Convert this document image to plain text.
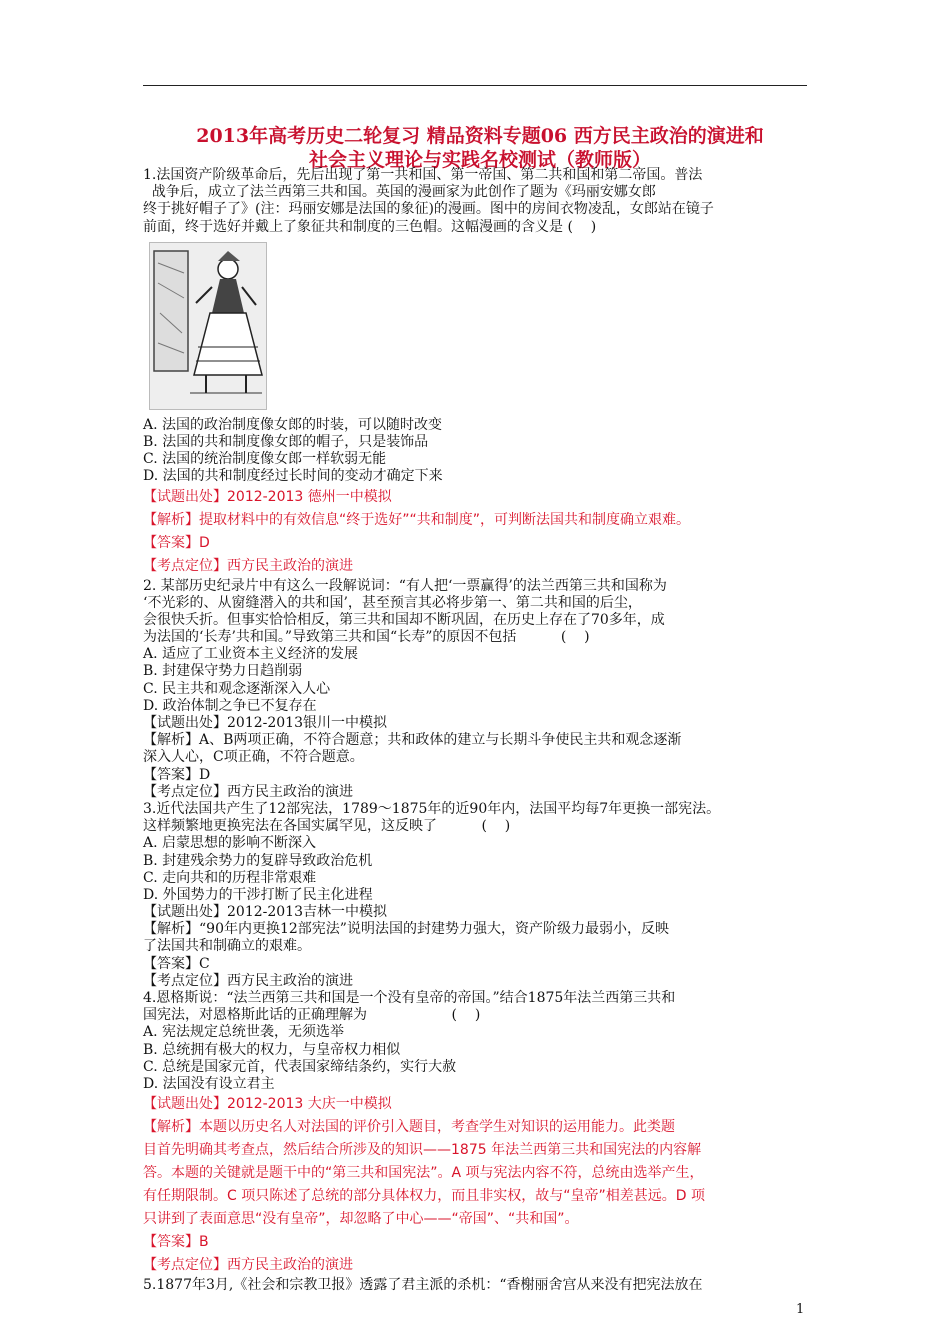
2013年高考历史二轮复习 精品资料专题06 西方民主政治的演进和
社会主义理论与实践名校测试（教师版）
1.法国资产阶级革命后，先后出现了第一共和国、第一帝国、第二共和国和第二帝国。普法
战争后，成立了法兰西第三共和国。英国的漫画家为此创作了题为《玛丽安娜女郎
终于挑好帽子了》(注：玛丽安娜是法国的象征)的漫画。图中的房间衣物凌乱，女郎站在镜子
前面，终于选好并戴上了象征共和制度的三色帽。这幅漫画的含义是 (    )
A. 法国的政治制度像女郎的时装，可以随时改变
B. 法国的共和制度像女郎的帽子，只是装饰品
C. 法国的统治制度像女郎一样软弱无能
D. 法国的共和制度经过长时间的变动才确定下来
【试题出处】2012-2013 德州一中模拟
【解析】提取材料中的有效信息“终于选好”“共和制度”，可判断法国共和制度确立艰难。
【答案】D
【考点定位】西方民主政治的演进
2. 某部历史纪录片中有这么一段解说词：“有人把‘一票赢得’的法兰西第三共和国称为
‘不光彩的、从窗缝潜入的共和国’，甚至预言其必将步第一、第二共和国的后尘，
会很快夭折。但事实恰恰相反，第三共和国却不断巩固，在历史上存在了70多年，成
为法国的‘长寿’共和国。”导致第三共和国“长寿”的原因不包括          (    )
A. 适应了工业资本主义经济的发展
B. 封建保守势力日趋削弱
C. 民主共和观念逐渐深入人心
D. 政治体制之争已不复存在
【试题出处】2012-2013银川一中模拟
【解析】A、B两项正确，不符合题意；共和政体的建立与长期斗争使民主共和观念逐渐
深入人心，C项正确，不符合题意。
【答案】D
【考点定位】西方民主政治的演进
3.近代法国共产生了12部宪法，1789～1875年的近90年内，法国平均每7年更换一部宪法。
这样频繁地更换宪法在各国实属罕见，这反映了          (    )
A. 启蒙思想的影响不断深入
B. 封建残余势力的复辟导致政治危机
C. 走向共和的历程非常艰难
D. 外国势力的干涉打断了民主化进程
【试题出处】2012-2013吉林一中模拟
【解析】“90年内更换12部宪法”说明法国的封建势力强大，资产阶级力最弱小，反映
了法国共和制确立的艰难。
【答案】C
【考点定位】西方民主政治的演进
4.恩格斯说：“法兰西第三共和国是一个没有皇帝的帝国。”结合1875年法兰西第三共和
国宪法，对恩格斯此话的正确理解为                   (    )
A. 宪法规定总统世袭，无须选举
B. 总统拥有极大的权力，与皇帝权力相似
C. 总统是国家元首，代表国家缔结条约，实行大赦
D. 法国没有设立君主
【试题出处】2012-2013 大庆一中模拟
【解析】本题以历史名人对法国的评价引入题目，考查学生对知识的运用能力。此类题
目首先明确其考查点，然后结合所涉及的知识——1875 年法兰西第三共和国宪法的内容解
答。本题的关键就是题干中的“第三共和国宪法”。A 项与宪法内容不符，总统由选举产生，
有任期限制。C 项只陈述了总统的部分具体权力，而且非实权，故与“皇帝”相差甚远。D 项
只讲到了表面意思“没有皇帝”，却忽略了中心——“帝国”、“共和国”。
【答案】B
【考点定位】西方民主政治的演进
5.1877年3月,《社会和宗教卫报》透露了君主派的杀机：“香榭丽舍宫从来没有把宪法放在
1
